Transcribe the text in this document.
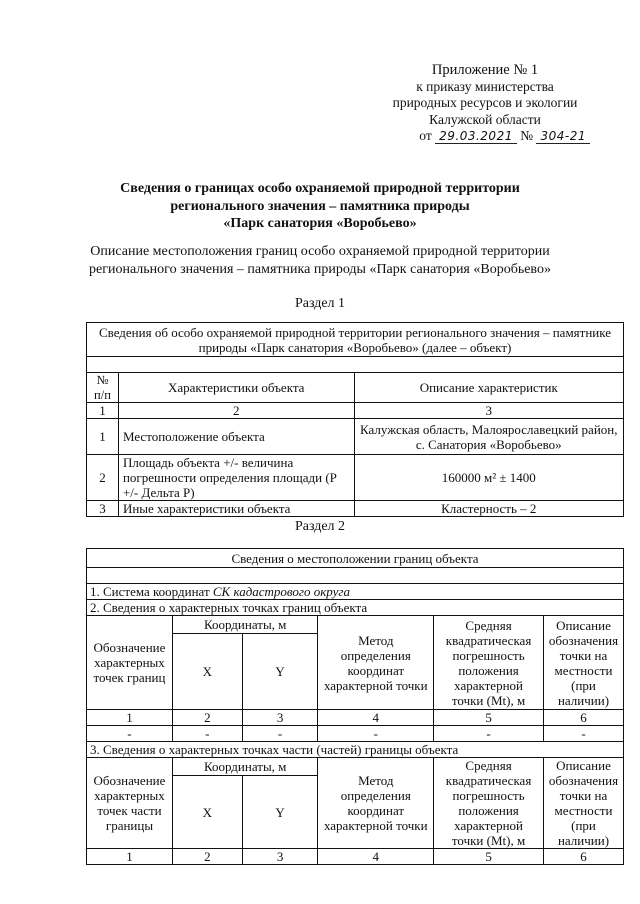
Приложение № 1
к приказу министерства
природных ресурсов и экологии
Калужской области
от 29.03.2021 № 304-21
Сведения о границах особо охраняемой природной территории
регионального значения – памятника природы
«Парк санатория «Воробьево»
Описание местоположения границ особо охраняемой природной территории
регионального значения – памятника природы «Парк санатория «Воробьево»
Раздел 1
Сведения об особо охраняемой природной территории регионального значения – памятнике природы «Парк санатория «Воробьево» (далее – объект)		

№ п/п	Характеристики объекта	Описание характеристик
1	2	3
1	Местоположение объекта	Калужская область, Малоярославецкий район, с. Санатория «Воробьево»
2	Площадь объекта +/- величина погрешности определения площади (P +/- Дельта P)	160000 м² ± 1400
3	Иные характеристики объекта	Кластерность – 2
Раздел 2
Сведения о местоположении границ объекта					

1. Система координат СК кадастрового округа					
2. Сведения о характерных точках границ объекта					
Обозначение характерных точек границ	Координаты, м		Метод определения координат характерной точки	Средняя квадратическая погрешность положения характерной точки (Mt), м	Описание обозначения точки на местности (при наличии)
	X	Y			
1	2	3	4	5	6
-	-	-	-	-	-
3. Сведения о характерных точках части (частей) границы объекта					
Обозначение характерных точек части границы	Координаты, м		Метод определения координат характерной точки	Средняя квадратическая погрешность положения характерной точки (Mt), м	Описание обозначения точки на местности (при наличии)
	X	Y			
1	2	3	4	5	6
